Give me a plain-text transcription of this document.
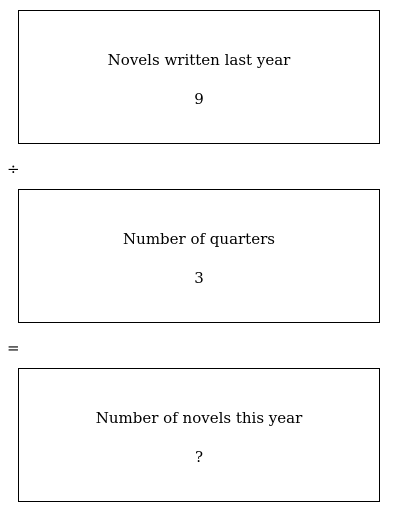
Novels written last year
9
÷
Number of quarters
3
=
Number of novels this year
?
